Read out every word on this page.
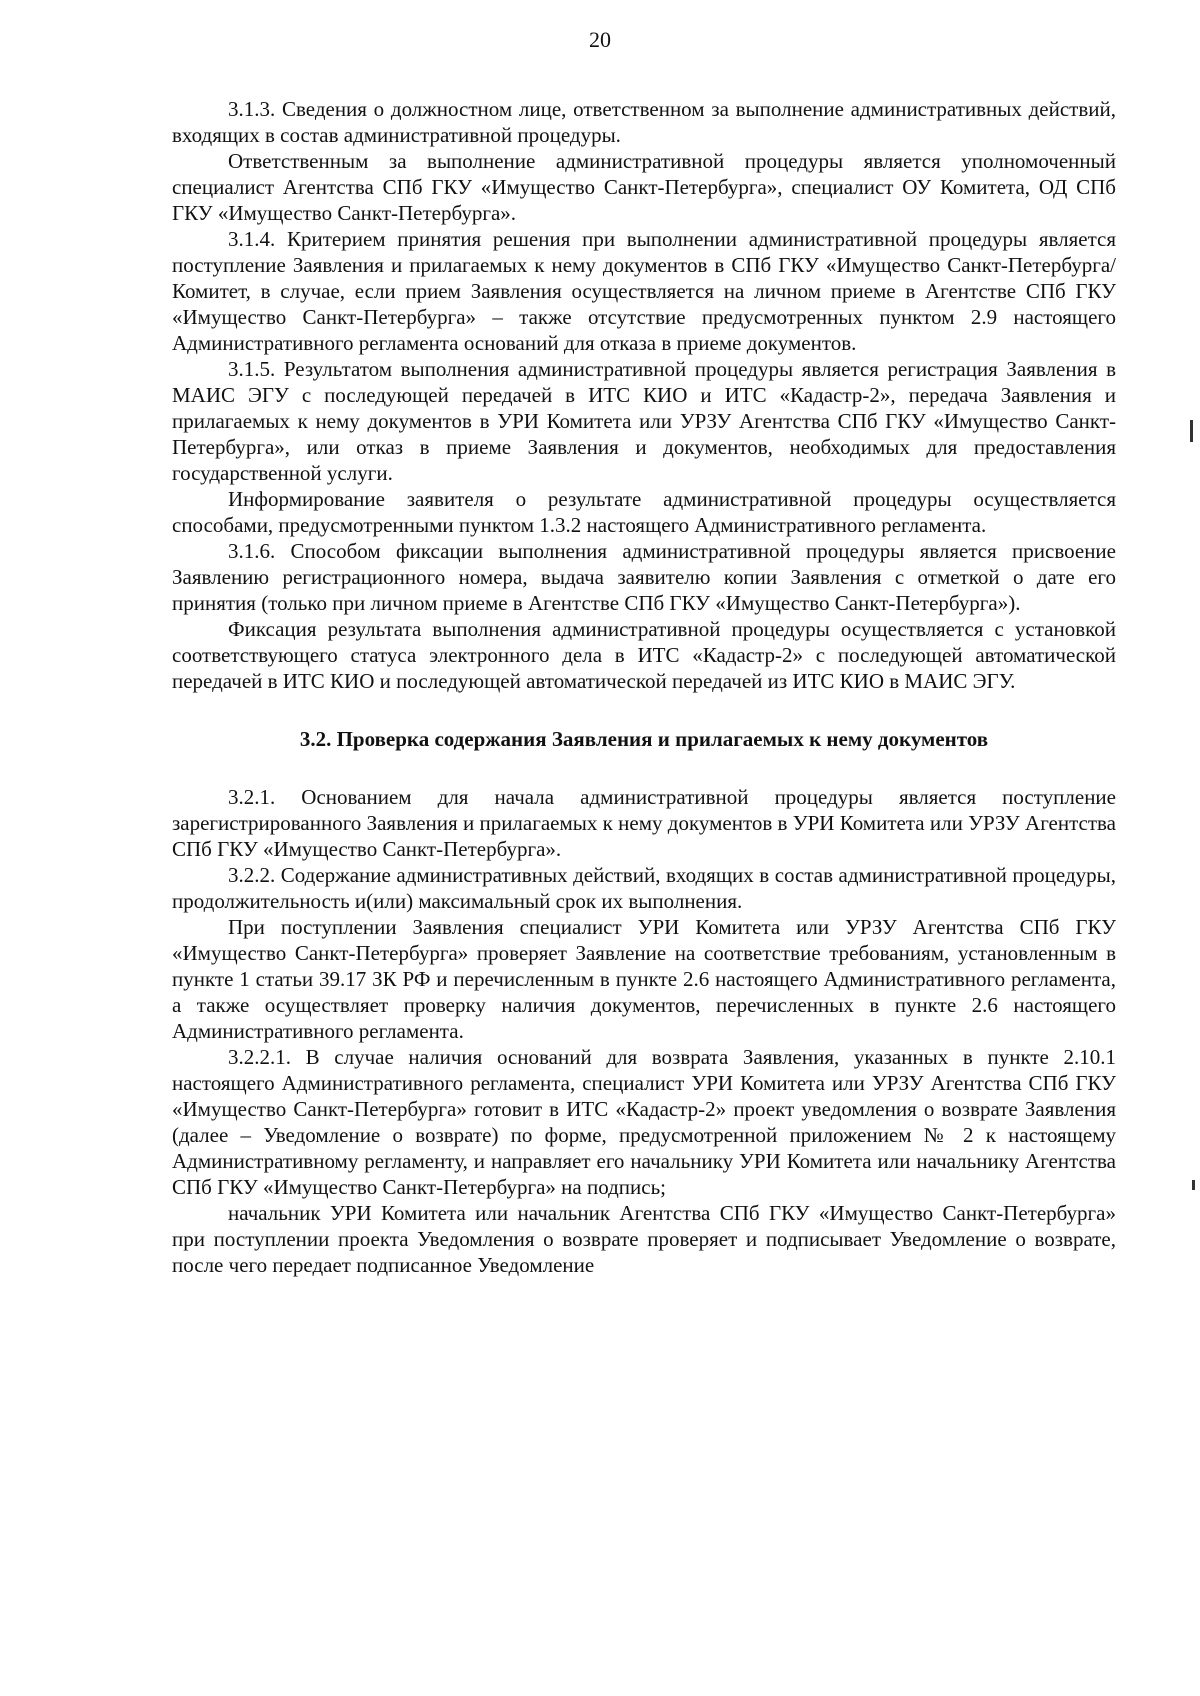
20

3.1.3. Сведения о должностном лице, ответственном за выполнение административных действий, входящих в состав административной процедуры.

Ответственным за выполнение административной процедуры является уполномоченный специалист Агентства СПб ГКУ «Имущество Санкт-Петербурга», специалист ОУ Комитета, ОД СПб ГКУ «Имущество Санкт-Петербурга».

3.1.4. Критерием принятия решения при выполнении административной процедуры является поступление Заявления и прилагаемых к нему документов в СПб ГКУ «Имущество Санкт-Петербурга/Комитет, в случае, если прием Заявления осуществляется на личном приеме в Агентстве СПб ГКУ «Имущество Санкт-Петербурга» – также отсутствие предусмотренных пунктом 2.9 настоящего Административного регламента оснований для отказа в приеме документов.

3.1.5. Результатом выполнения административной процедуры является регистрация Заявления в МАИС ЭГУ с последующей передачей в ИТС КИО и ИТС «Кадастр-2», передача Заявления и прилагаемых к нему документов в УРИ Комитета или УРЗУ Агентства СПб ГКУ «Имущество Санкт-Петербурга», или отказ в приеме Заявления и документов, необходимых для предоставления государственной услуги.

Информирование заявителя о результате административной процедуры осуществляется способами, предусмотренными пунктом 1.3.2 настоящего Административного регламента.

3.1.6. Способом фиксации выполнения административной процедуры является присвоение Заявлению регистрационного номера, выдача заявителю копии Заявления с отметкой о дате его принятия (только при личном приеме в Агентстве СПб ГКУ «Имущество Санкт-Петербурга»).

Фиксация результата выполнения административной процедуры осуществляется с установкой соответствующего статуса электронного дела в ИТС «Кадастр-2» с последующей автоматической передачей в ИТС КИО и последующей автоматической передачей из ИТС КИО в МАИС ЭГУ.

3.2. Проверка содержания Заявления и прилагаемых к нему документов

3.2.1. Основанием для начала административной процедуры является поступление зарегистрированного Заявления и прилагаемых к нему документов в УРИ Комитета или УРЗУ Агентства СПб ГКУ «Имущество Санкт-Петербурга».

3.2.2. Содержание административных действий, входящих в состав административной процедуры, продолжительность и(или) максимальный срок их выполнения.

При поступлении Заявления специалист УРИ Комитета или УРЗУ Агентства СПб ГКУ «Имущество Санкт-Петербурга» проверяет Заявление на соответствие требованиям, установленным в пункте 1 статьи 39.17 ЗК РФ и перечисленным в пункте 2.6 настоящего Административного регламента, а также осуществляет проверку наличия документов, перечисленных в пункте 2.6 настоящего Административного регламента.

3.2.2.1. В случае наличия оснований для возврата Заявления, указанных в пункте 2.10.1 настоящего Административного регламента, специалист УРИ Комитета или УРЗУ Агентства СПб ГКУ «Имущество Санкт-Петербурга» готовит в ИТС «Кадастр-2» проект уведомления о возврате Заявления (далее – Уведомление о возврате) по форме, предусмотренной приложением № 2 к настоящему Административному регламенту, и направляет его начальнику УРИ Комитета или начальнику Агентства СПб ГКУ «Имущество Санкт-Петербурга» на подпись;

начальник УРИ Комитета или начальник Агентства СПб ГКУ «Имущество Санкт-Петербурга» при поступлении проекта Уведомления о возврате проверяет и подписывает Уведомление о возврате, после чего передает подписанное Уведомление
